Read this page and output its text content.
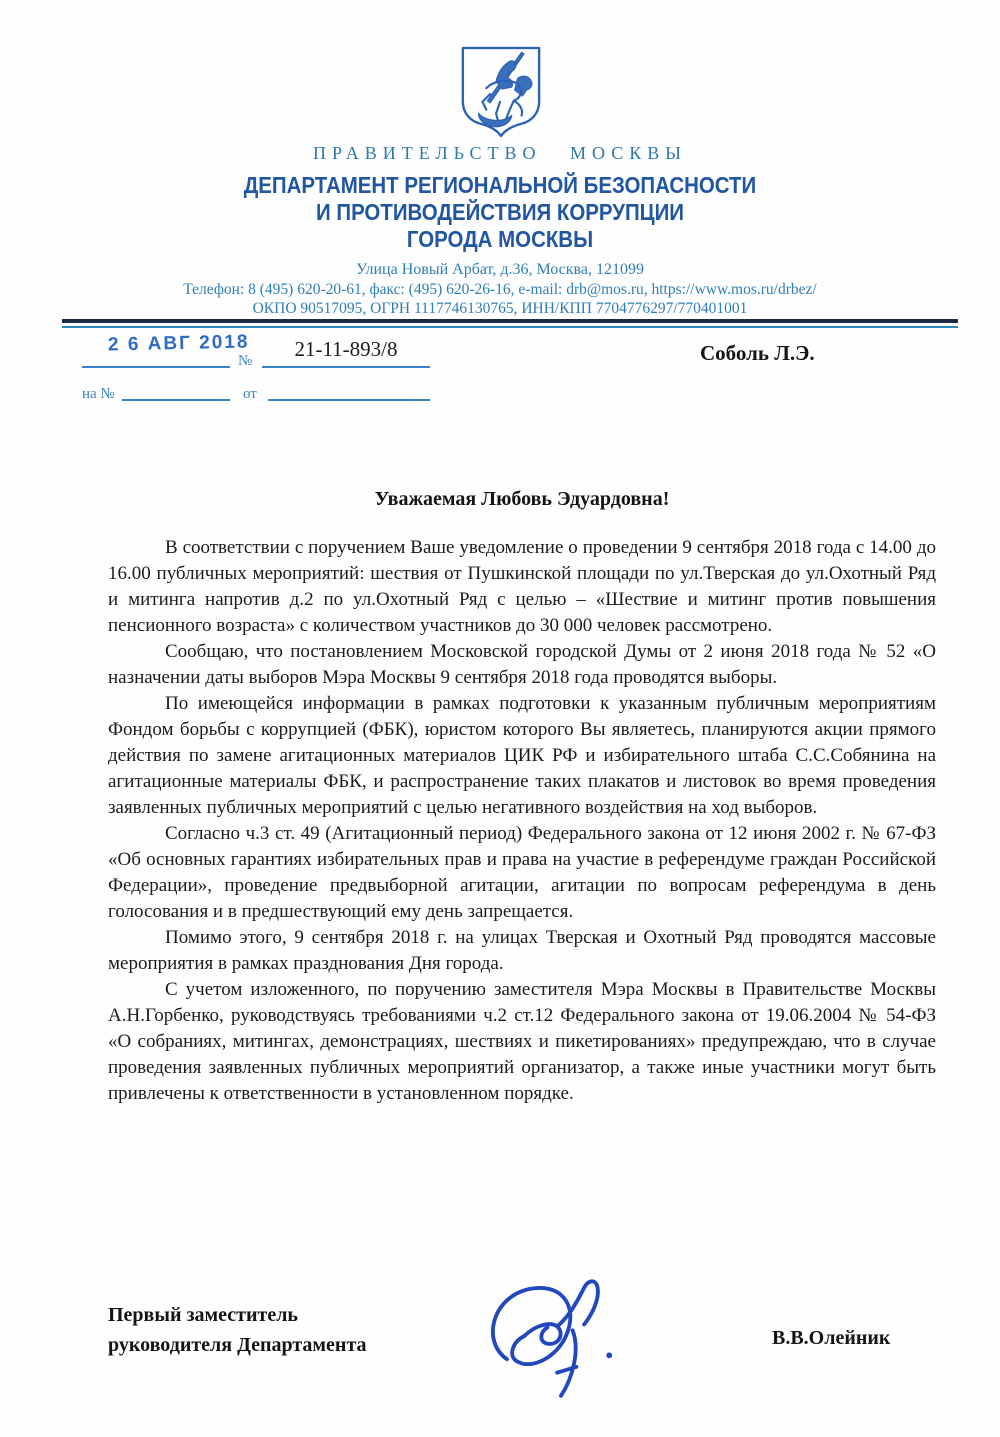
ПРАВИТЕЛЬСТВО МОСКВЫ
ДЕПАРТАМЕНТ РЕГИОНАЛЬНОЙ БЕЗОПАСНОСТИ
И ПРОТИВОДЕЙСТВИЯ КОРРУПЦИИ
ГОРОДА МОСКВЫ
Улица Новый Арбат, д.36, Москва, 121099
Телефон: 8 (495) 620-20-61, факс: (495) 620-26-16, e-mail: drb@mos.ru, https://www.mos.ru/drbez/
ОКПО 90517095, ОГРН 1117746130765, ИНН/КПП 7704776297/770401001
2 6 АВГ 2018
№	21-11-893/8
на №	от
Соболь Л.Э.
Уважаемая Любовь Эдуардовна!

В соответствии с поручением Ваше уведомление о проведении 9 сентября 2018 года с 14.00 до 16.00 публичных мероприятий: шествия от Пушкинской площади по ул.Тверская до ул.Охотный Ряд и митинга напротив д.2 по ул.Охотный Ряд с целью – «Шествие и митинг против повышения пенсионного возраста» с количеством участников до 30 000 человек рассмотрено.

Сообщаю, что постановлением Московской городской Думы от 2 июня 2018 года № 52 «О назначении даты выборов Мэра Москвы 9 сентября 2018 года проводятся выборы.

По имеющейся информации в рамках подготовки к указанным публичным мероприятиям Фондом борьбы с коррупцией (ФБК), юристом которого Вы являетесь, планируются акции прямого действия по замене агитационных материалов ЦИК РФ и избирательного штаба С.С.Собянина на агитационные материалы ФБК, и распространение таких плакатов и листовок во время проведения заявленных публичных мероприятий с целью негативного воздействия на ход выборов.

Согласно ч.3 ст. 49 (Агитационный период) Федерального закона от 12 июня 2002 г. № 67-ФЗ «Об основных гарантиях избирательных прав и права на участие в референдуме граждан Российской Федерации», проведение предвыборной агитации, агитации по вопросам референдума в день голосования и в предшествующий ему день запрещается.

Помимо этого, 9 сентября 2018 г. на улицах Тверская и Охотный Ряд проводятся массовые мероприятия в рамках празднования Дня города.

С учетом изложенного, по поручению заместителя Мэра Москвы в Правительстве Москвы А.Н.Горбенко, руководствуясь требованиями ч.2 ст.12 Федерального закона от 19.06.2004 № 54-ФЗ «О собраниях, митингах, демонстрациях, шествиях и пикетированиях» предупреждаю, что в случае проведения заявленных публичных мероприятий организатор, а также иные участники могут быть привлечены к ответственности в установленном порядке.

Первый заместитель
руководителя Департамента	В.В.Олейник
